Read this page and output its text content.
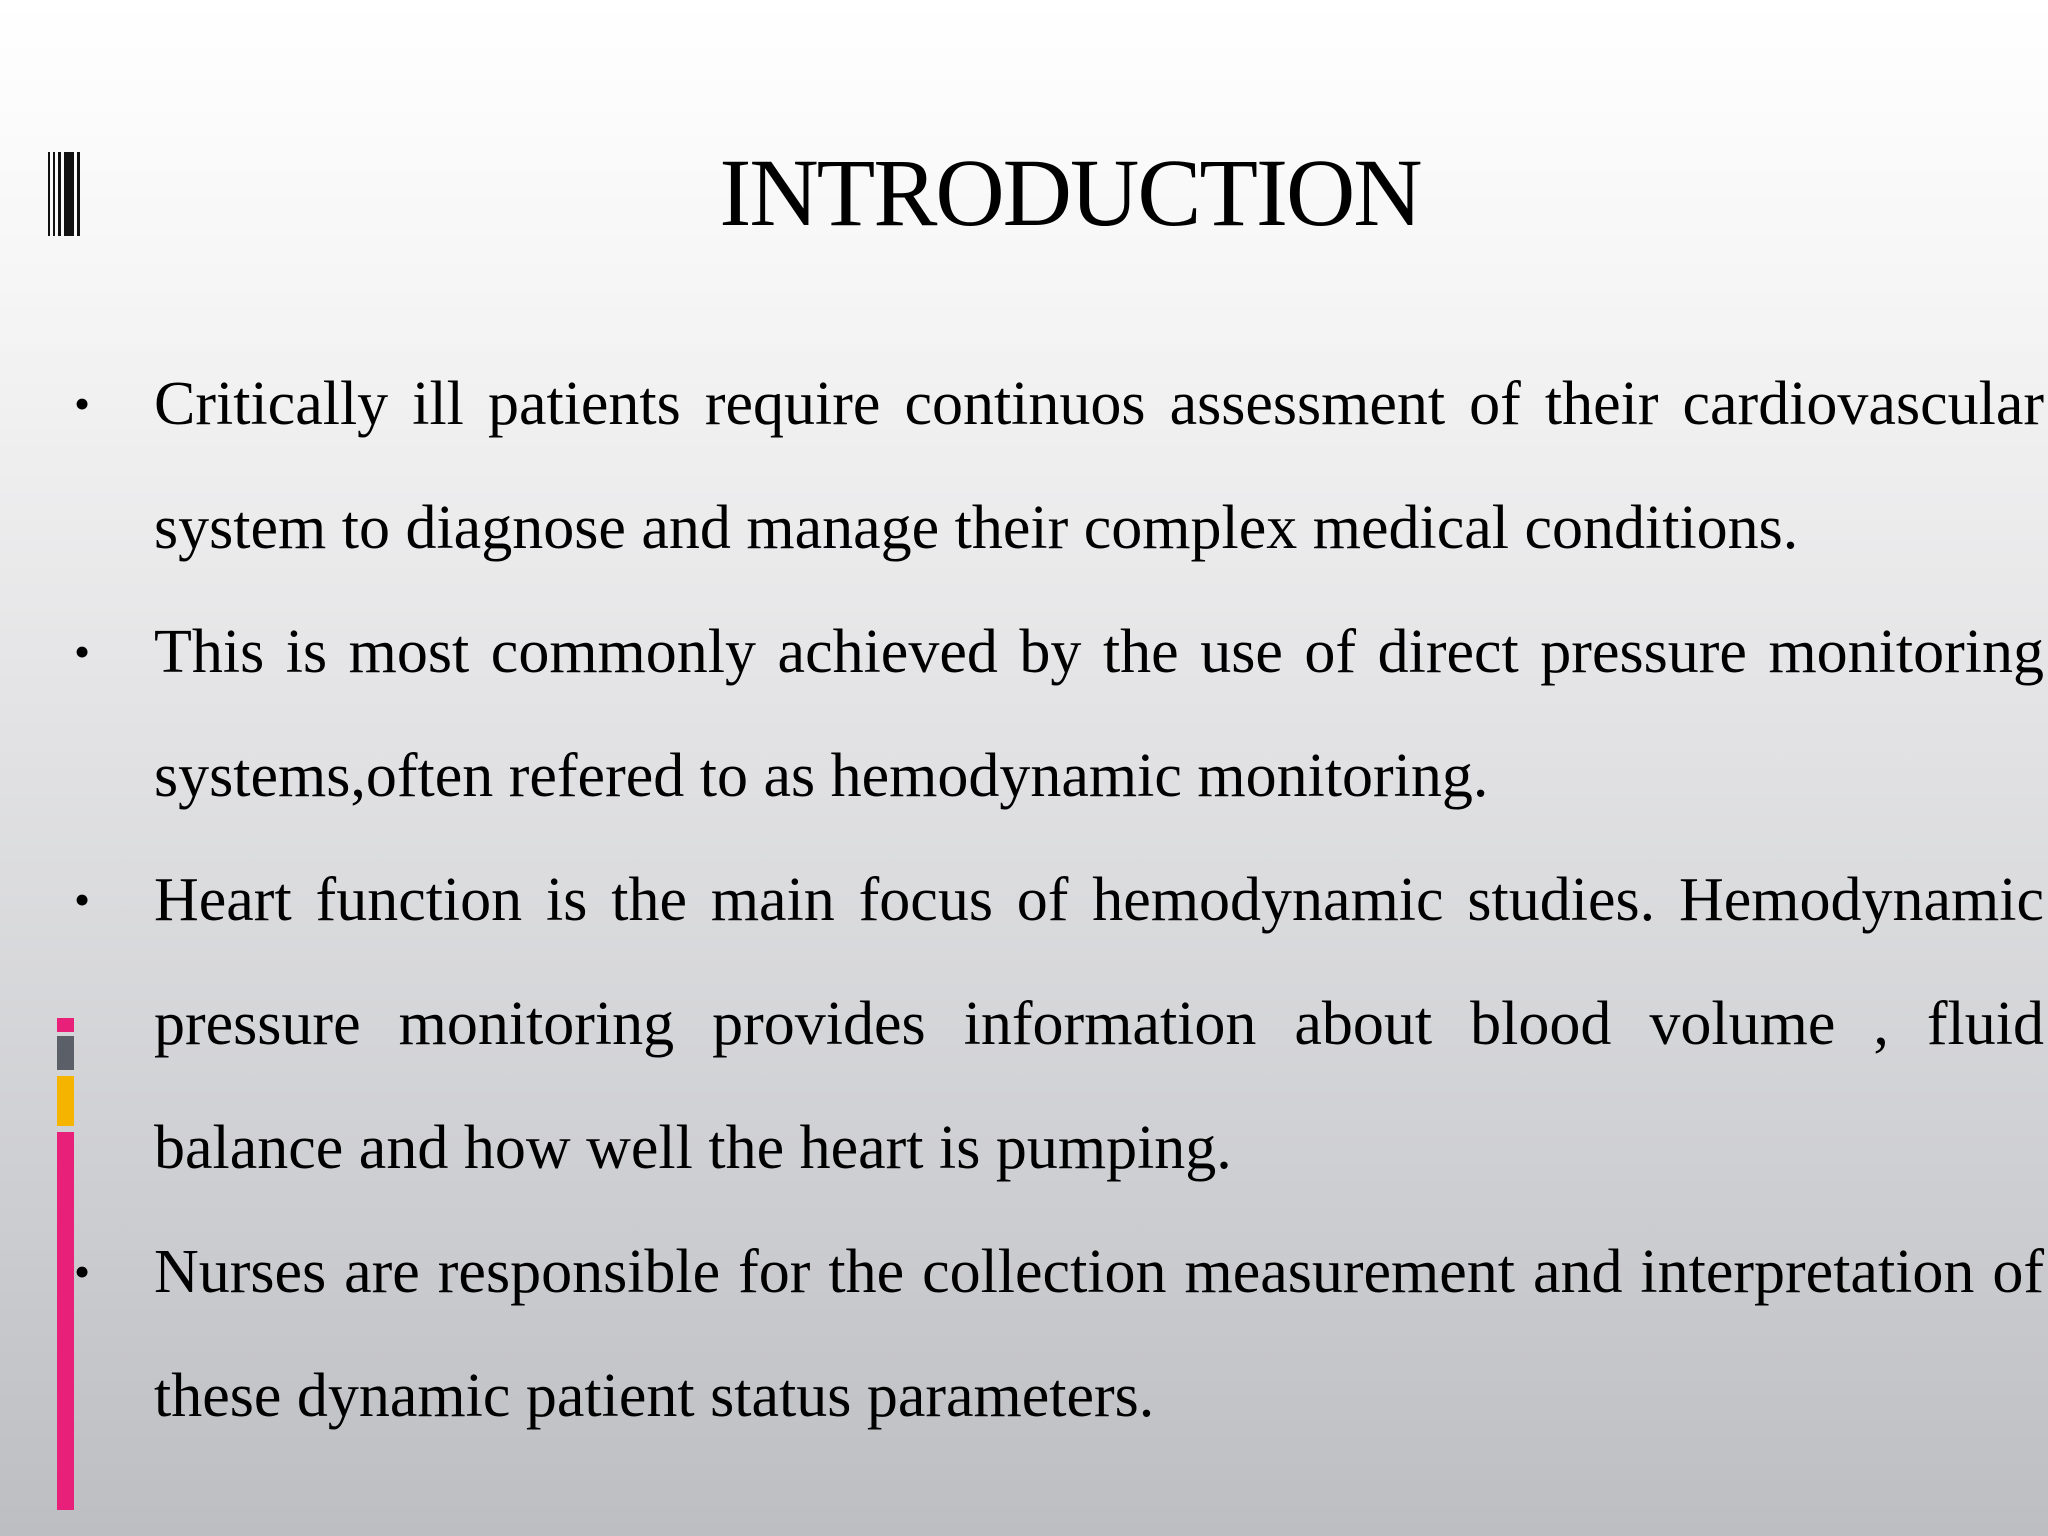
INTRODUCTION
• Critically ill patients require continuos assessment of their cardiovascular system to diagnose and manage their complex medical conditions.
• This is most commonly achieved by the use of direct pressure monitoring systems,often refered to as hemodynamic monitoring.
• Heart function is the main focus of hemodynamic studies. Hemodynamic pressure monitoring provides information about blood volume , fluid balance and how well the heart is pumping.
• Nurses are responsible for the collection measurement and interpretation of these dynamic patient status parameters.
